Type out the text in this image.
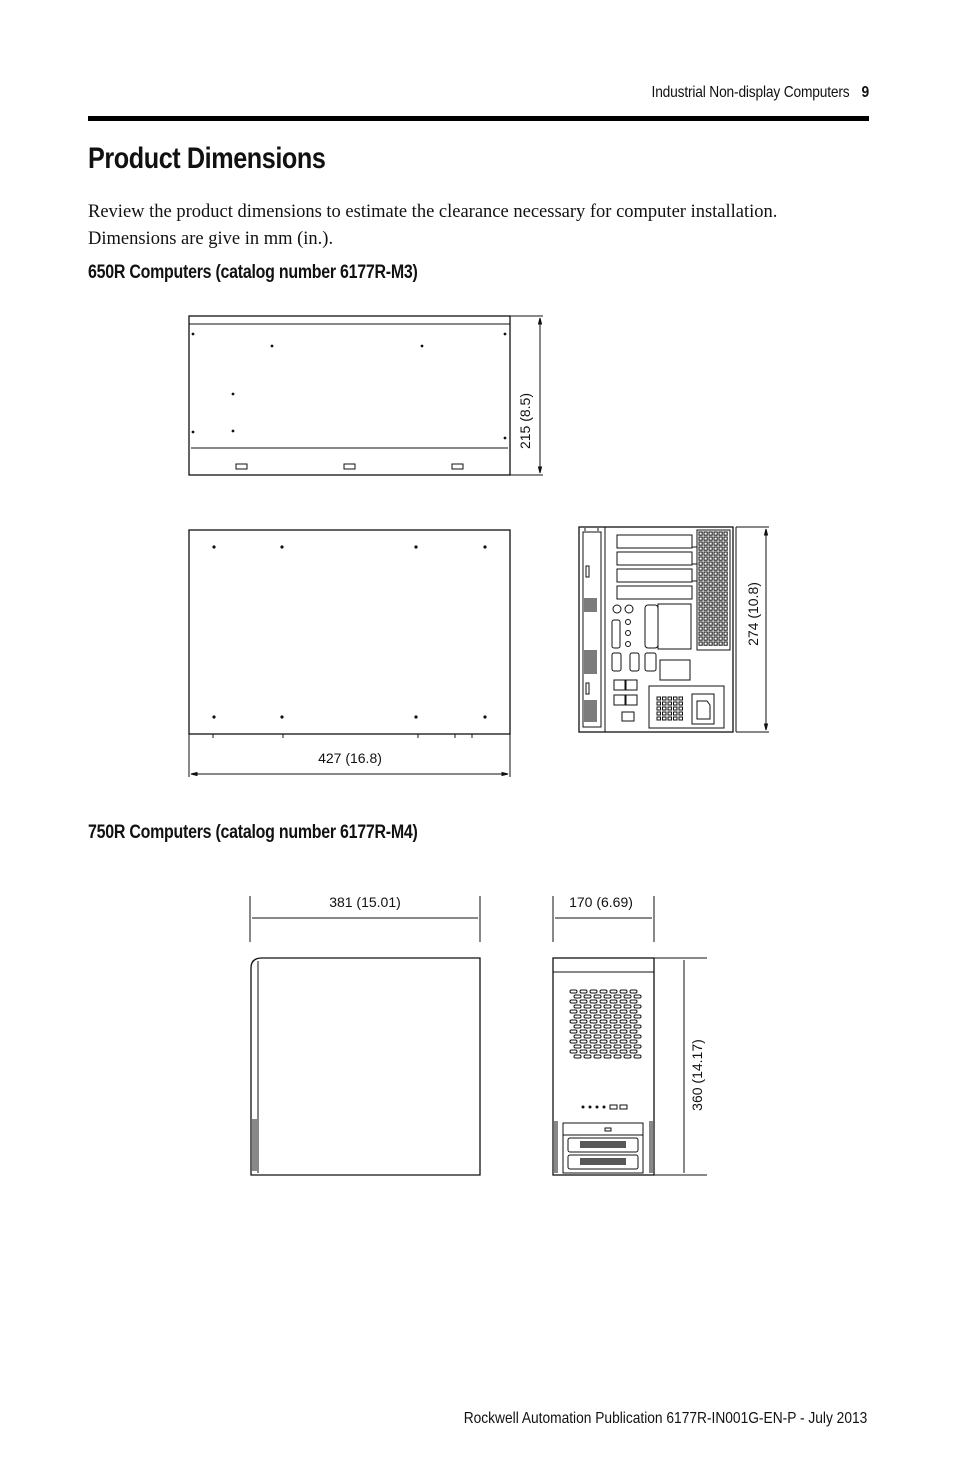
Industrial Non-display Computers 9
Product Dimensions

Review the product dimensions to estimate the clearance necessary for computer installation. Dimensions are give in mm (in.).

650R Computers (catalog number 6177R-M3)
750R Computers (catalog number 6177R-M4)
215 (8.5)
427 (16.8)
274 (10.8)
381 (15.01)	170 (6.69)
360 (14.17)
Rockwell Automation Publication 6177R-IN001G-EN-P - July 2013
